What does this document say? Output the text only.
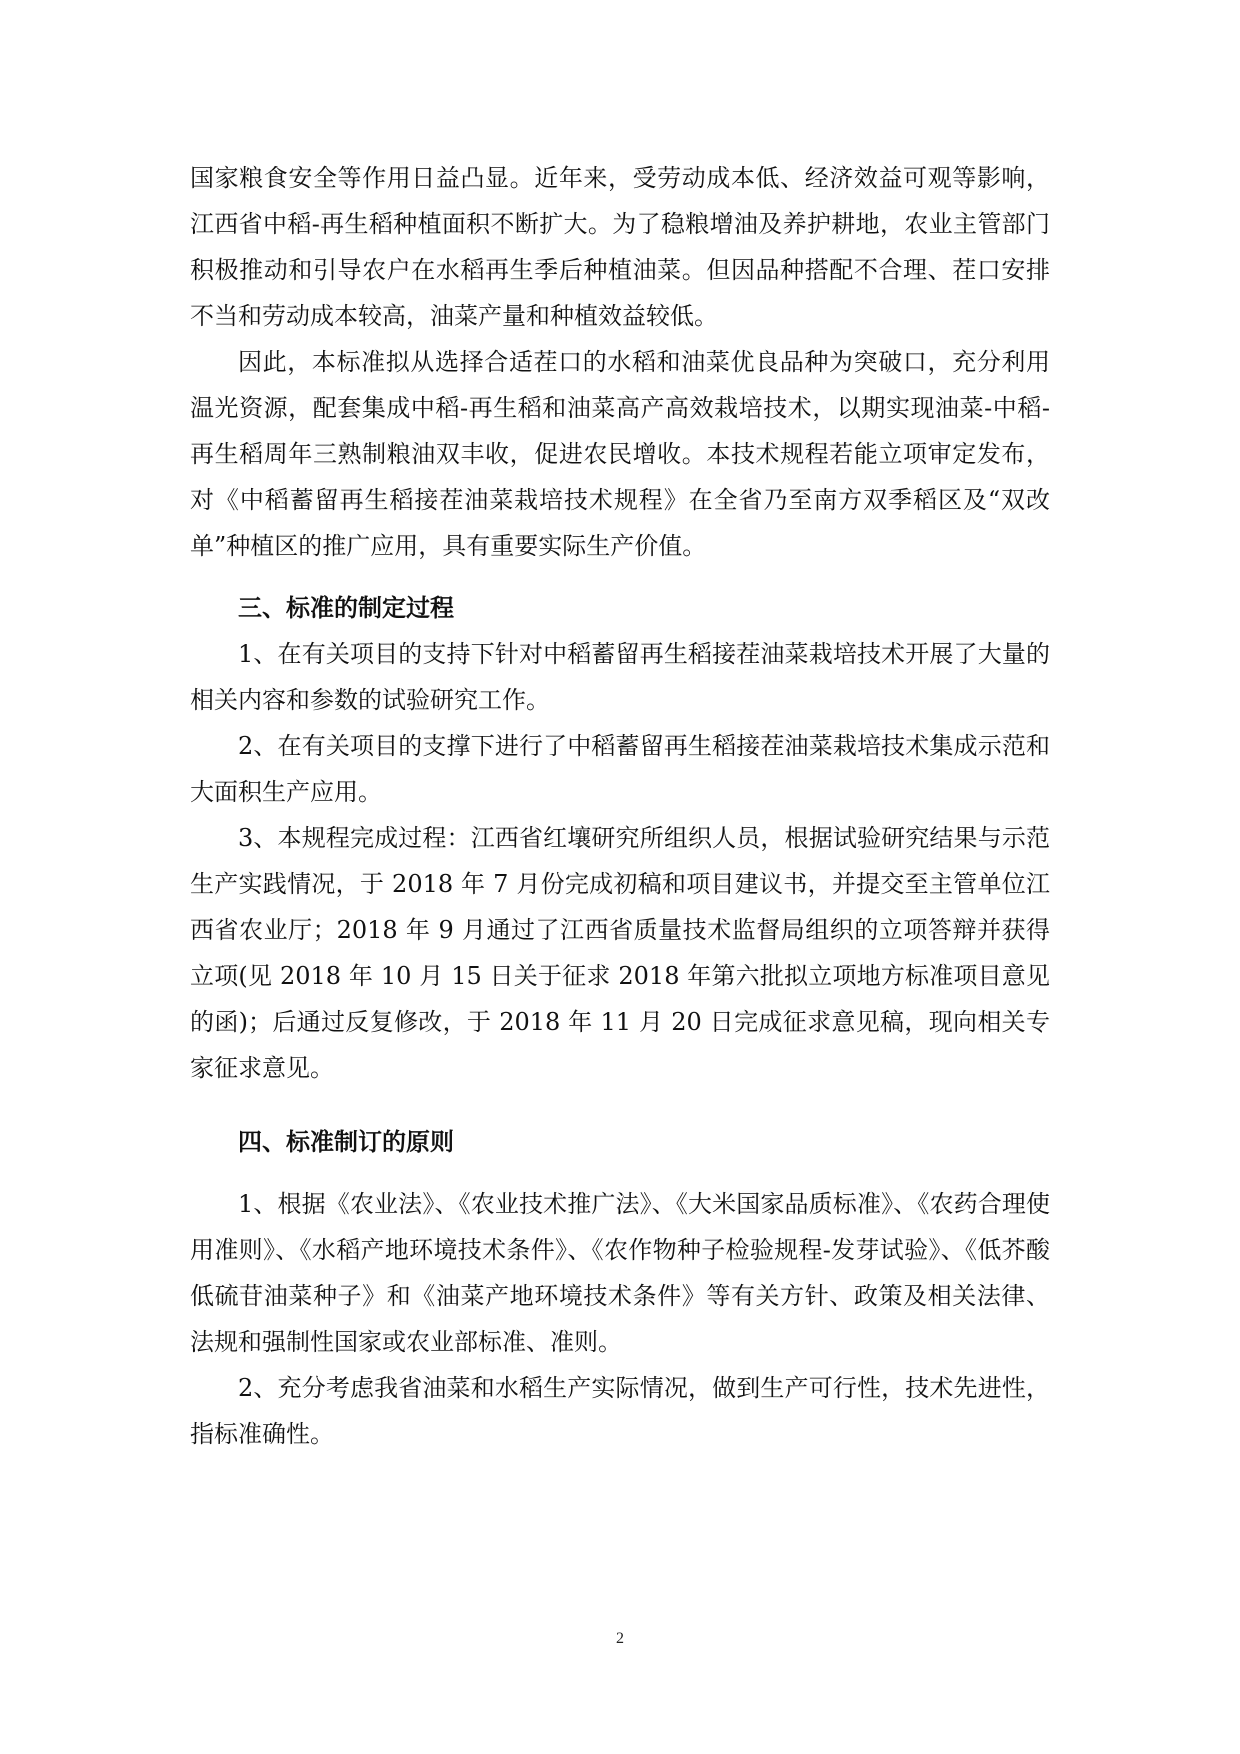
国家粮食安全等作用日益凸显。近年来，受劳动成本低、经济效益可观等影响，江西省中稻-再生稻种植面积不断扩大。为了稳粮增油及养护耕地，农业主管部门积极推动和引导农户在水稻再生季后种植油菜。但因品种搭配不合理、茬口安排不当和劳动成本较高，油菜产量和种植效益较低。

因此，本标准拟从选择合适茬口的水稻和油菜优良品种为突破口，充分利用温光资源，配套集成中稻-再生稻和油菜高产高效栽培技术，以期实现油菜-中稻-再生稻周年三熟制粮油双丰收，促进农民增收。本技术规程若能立项审定发布，对《中稻蓄留再生稻接茬油菜栽培技术规程》在全省乃至南方双季稻区及“双改单”种植区的推广应用，具有重要实际生产价值。

三、标准的制定过程

1、在有关项目的支持下针对中稻蓄留再生稻接茬油菜栽培技术开展了大量的相关内容和参数的试验研究工作。

2、在有关项目的支撑下进行了中稻蓄留再生稻接茬油菜栽培技术集成示范和大面积生产应用。

3、本规程完成过程：江西省红壤研究所组织人员，根据试验研究结果与示范生产实践情况，于 2018 年 7 月份完成初稿和项目建议书，并提交至主管单位江西省农业厅；2018 年 9 月通过了江西省质量技术监督局组织的立项答辩并获得立项(见 2018 年 10 月 15 日关于征求 2018 年第六批拟立项地方标准项目意见的函)；后通过反复修改，于 2018 年 11 月 20 日完成征求意见稿，现向相关专家征求意见。

四、标准制订的原则

1、根据《农业法》、《农业技术推广法》、《大米国家品质标准》、《农药合理使用准则》、《水稻产地环境技术条件》、《农作物种子检验规程-发芽试验》、《低芥酸低硫苷油菜种子》和《油菜产地环境技术条件》等有关方针、政策及相关法律、法规和强制性国家或农业部标准、准则。

2、充分考虑我省油菜和水稻生产实际情况，做到生产可行性，技术先进性，指标准确性。

2
